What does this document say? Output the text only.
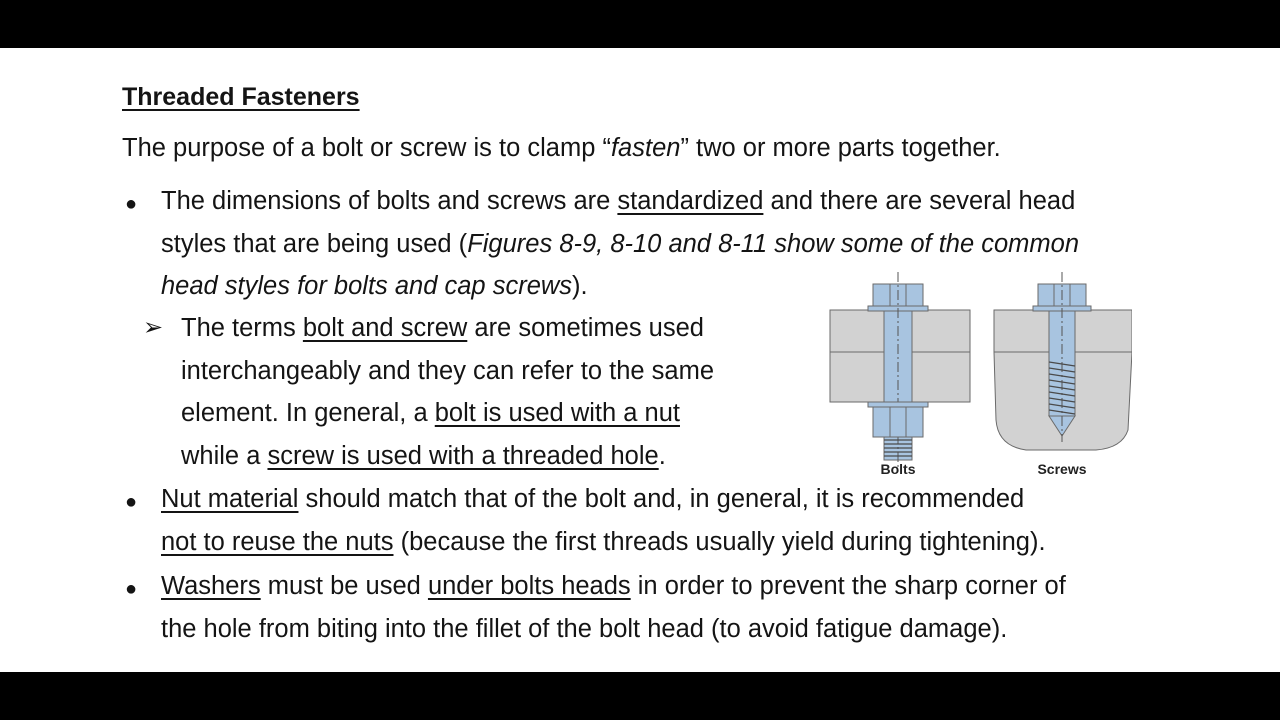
Threaded Fasteners
The purpose of a bolt or screw is to clamp “fasten” two or more parts together.
● The dimensions of bolts and screws are standardized and there are several head
styles that are being used (Figures 8-9, 8-10 and 8-11 show some of the common
head styles for bolts and cap screws).
➢ The terms bolt and screw are sometimes used
interchangeably and they can refer to the same
element. In general, a bolt is used with a nut
while a screw is used with a threaded hole.
● Nut material should match that of the bolt and, in general, it is recommended
not to reuse the nuts (because the first threads usually yield during tightening).
● Washers must be used under bolts heads in order to prevent the sharp corner of
the hole from biting into the fillet of the bolt head (to avoid fatigue damage).
Bolts	Screws
